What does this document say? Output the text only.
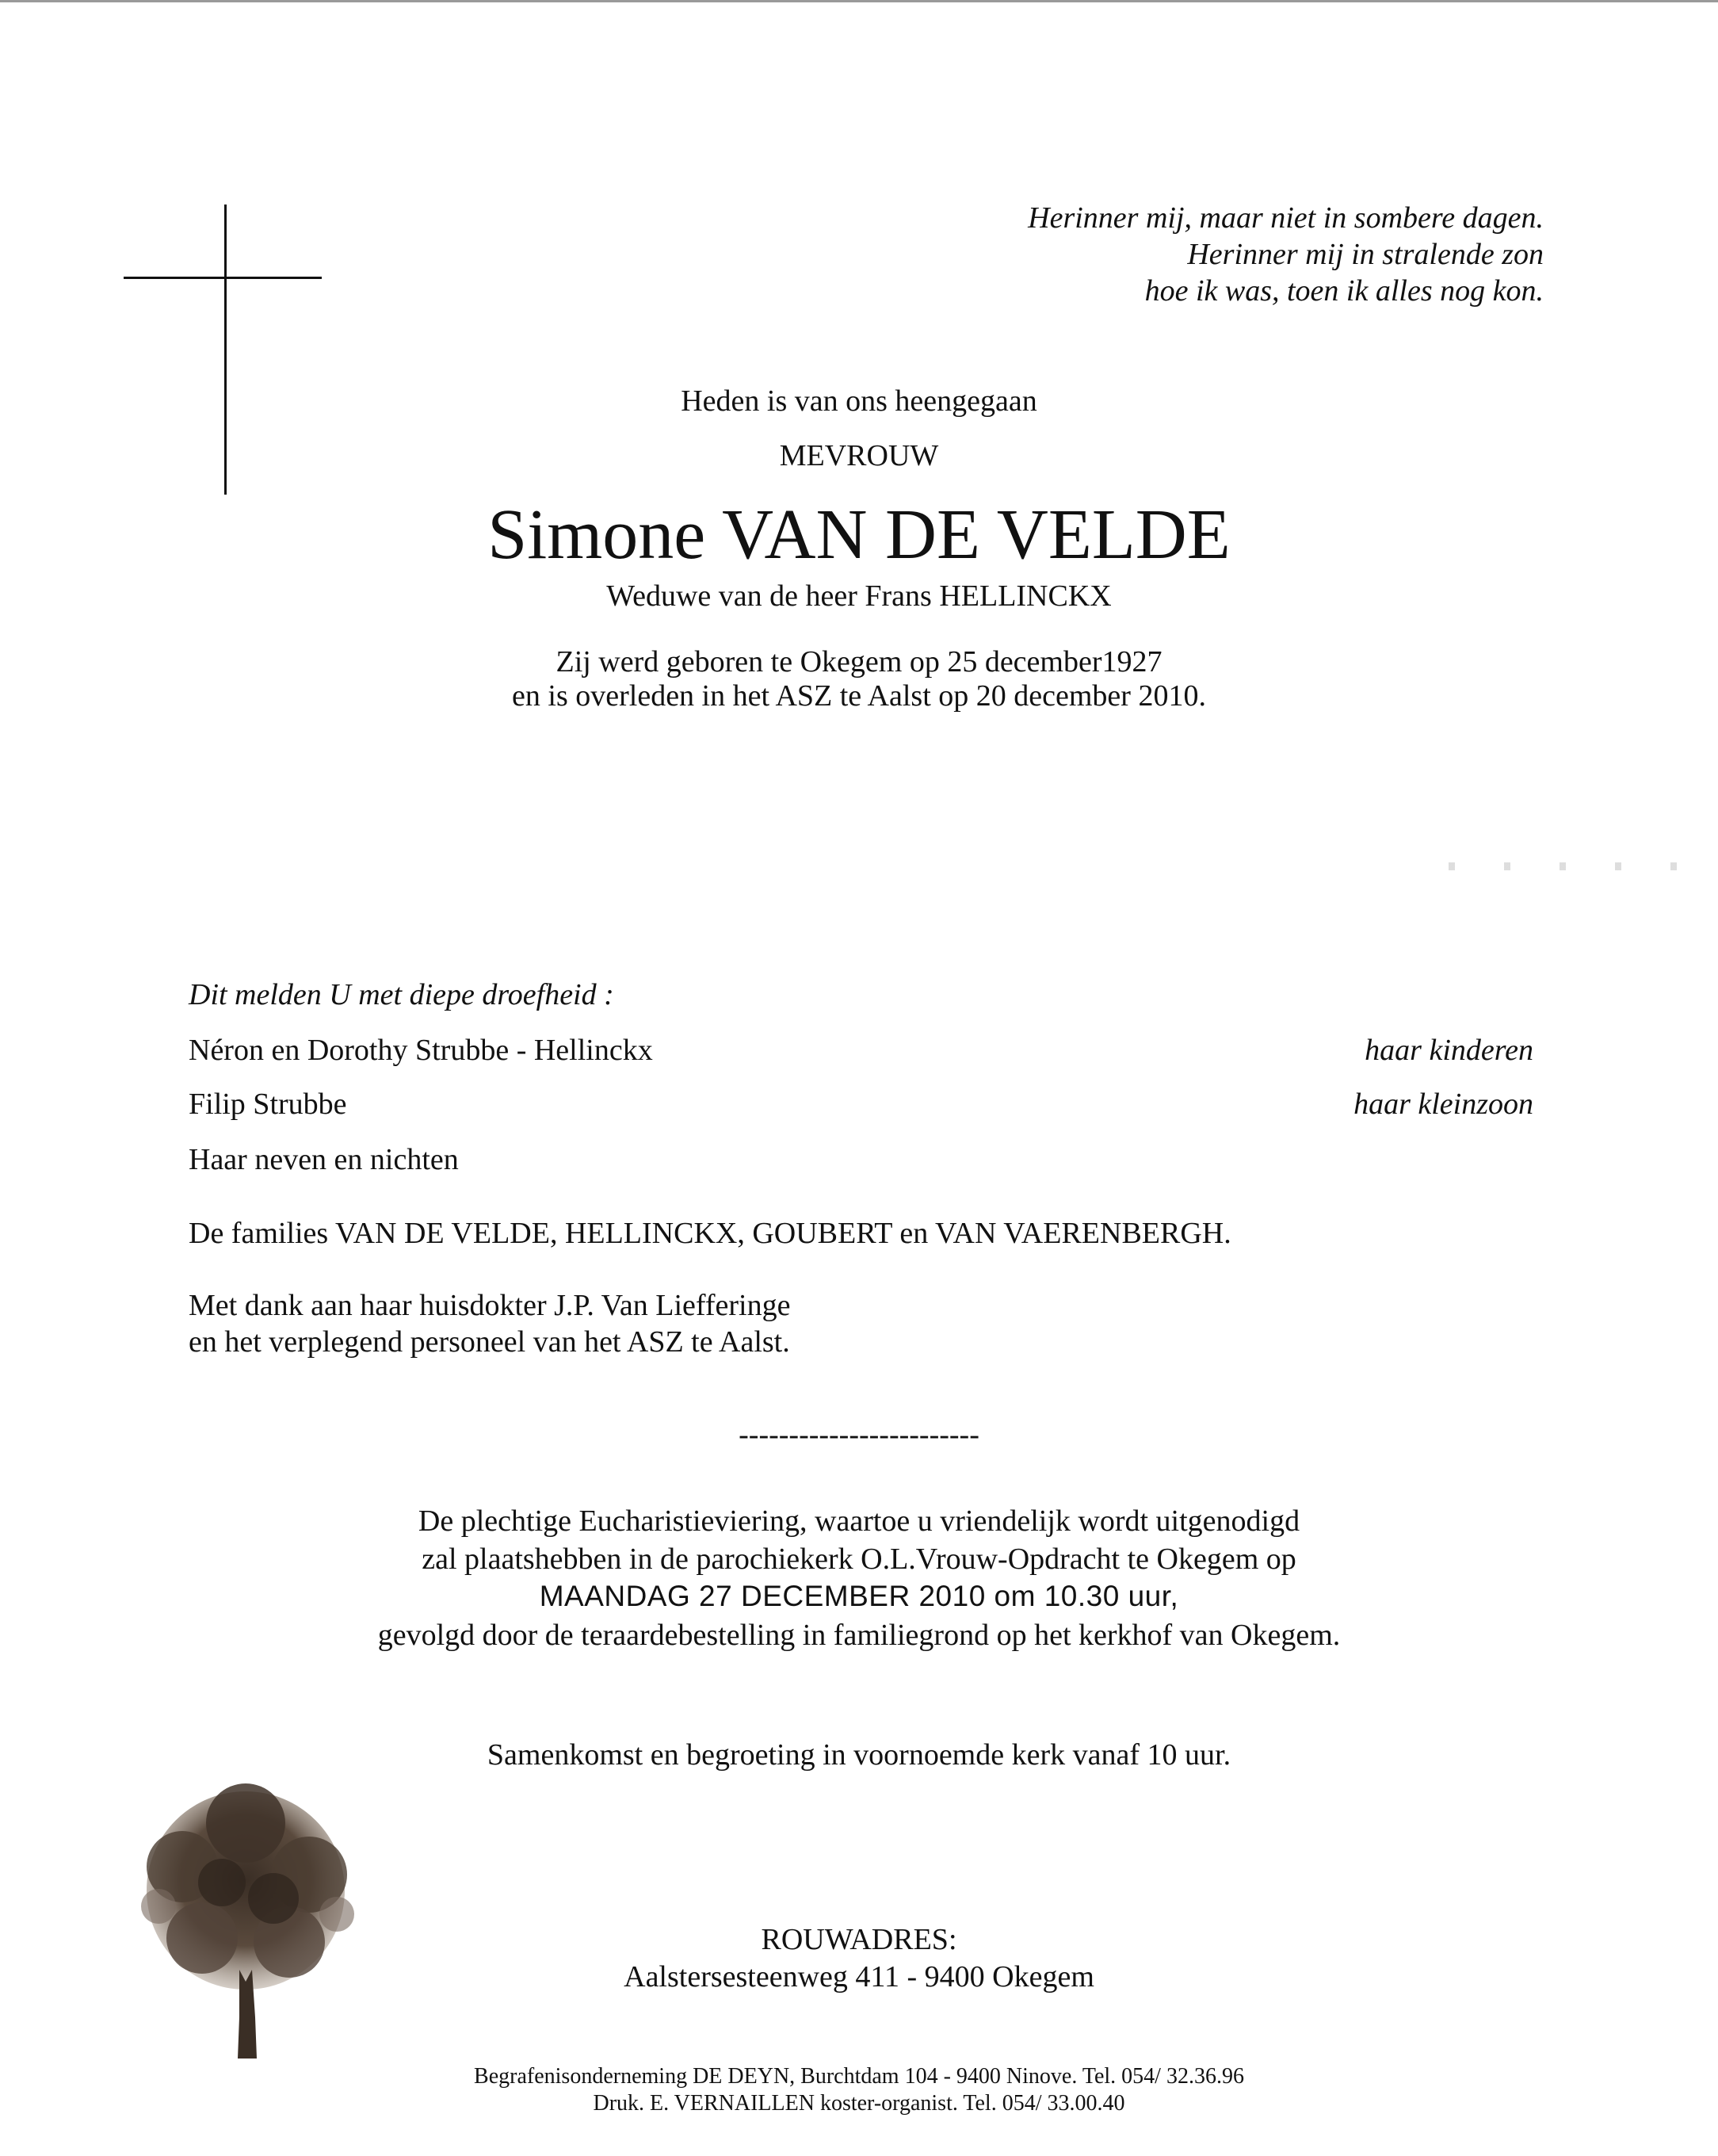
Herinner mij, maar niet in sombere dagen.
Herinner mij in stralende zon
hoe ik was, toen ik alles nog kon.
Heden is van ons heengegaan
MEVROUW
Simone VAN DE VELDE
Weduwe van de heer Frans HELLINCKX
Zij werd geboren te Okegem op 25 december1927
en is overleden in het ASZ te Aalst op 20 december 2010.
Dit melden U met diepe droefheid :
Néron en Dorothy Strubbe - Hellinckx	haar kinderen
Filip Strubbe	haar kleinzoon
Haar neven en nichten
De families VAN DE VELDE, HELLINCKX, GOUBERT en VAN VAERENBERGH.
Met dank aan haar huisdokter J.P. Van Liefferinge
en het verplegend personeel van het ASZ te Aalst.
------------------------
De plechtige Eucharistieviering, waartoe u vriendelijk wordt uitgenodigd
zal plaatshebben in de parochiekerk O.L.Vrouw-Opdracht te Okegem op
MAANDAG 27 DECEMBER 2010 om 10.30 uur,
gevolgd door de teraardebestelling in familiegrond op het kerkhof van Okegem.
Samenkomst en begroeting in voornoemde kerk vanaf 10 uur.
ROUWADRES:
Aalstersesteenweg 411 - 9400 Okegem
Begrafenisonderneming DE DEYN, Burchtdam 104 - 9400 Ninove. Tel. 054/ 32.36.96
Druk. E. VERNAILLEN koster-organist. Tel. 054/ 33.00.40
